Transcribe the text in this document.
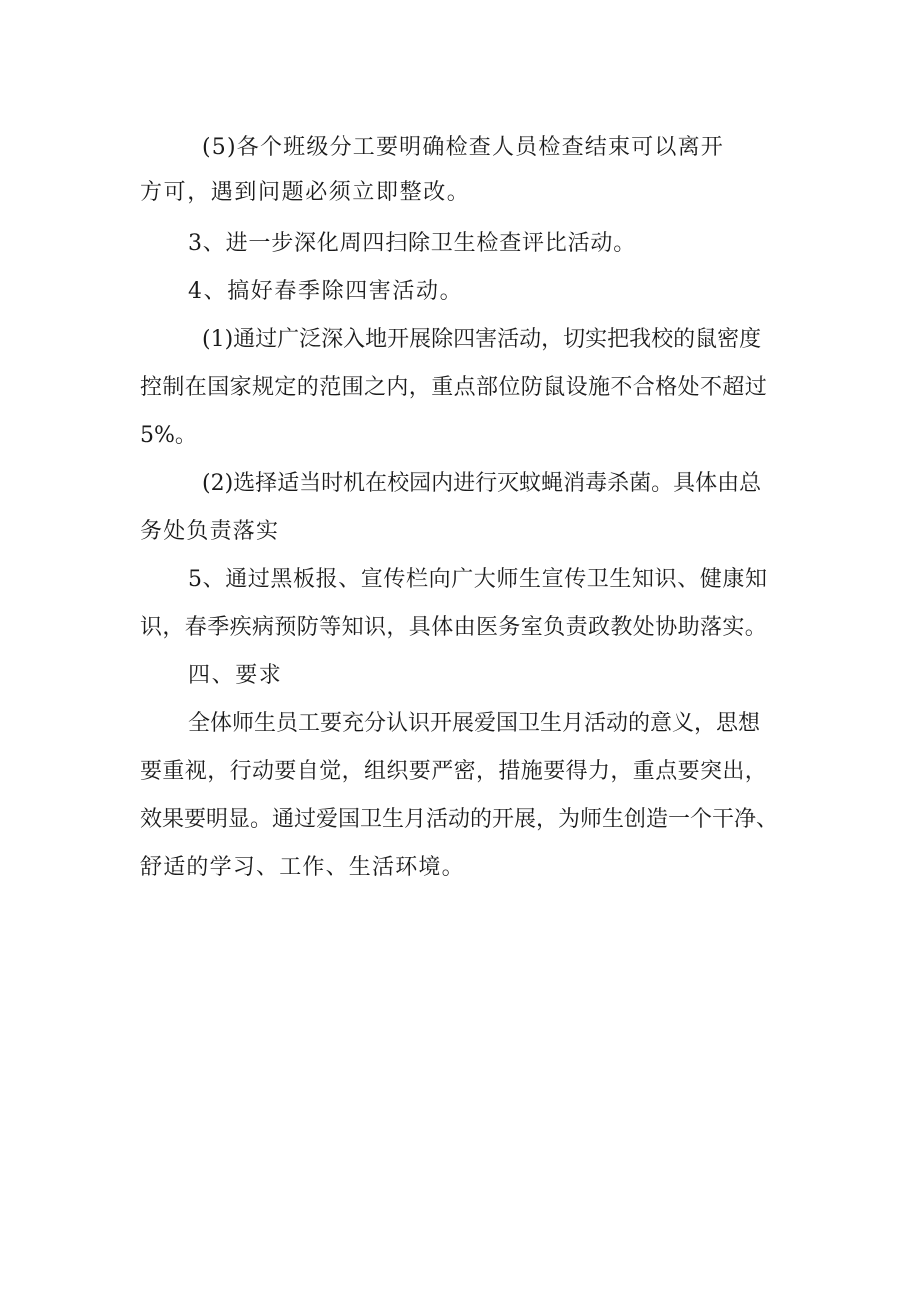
(5)各个班级分工要明确检查人员检查结束可以离开
方可，遇到问题必须立即整改。
3、进一步深化周四扫除卫生检查评比活动。
4、搞好春季除四害活动。
(1)通过广泛深入地开展除四害活动，切实把我校的鼠密度
控制在国家规定的范围之内，重点部位防鼠设施不合格处不超过
5%。
(2)选择适当时机在校园内进行灭蚊蝇消毒杀菌。具体由总
务处负责落实
5、通过黑板报、宣传栏向广大师生宣传卫生知识、健康知
识，春季疾病预防等知识，具体由医务室负责政教处协助落实。
四、要求
全体师生员工要充分认识开展爱国卫生月活动的意义，思想
要重视，行动要自觉，组织要严密，措施要得力，重点要突出，
效果要明显。通过爱国卫生月活动的开展，为师生创造一个干净、
舒适的学习、工作、生活环境。
